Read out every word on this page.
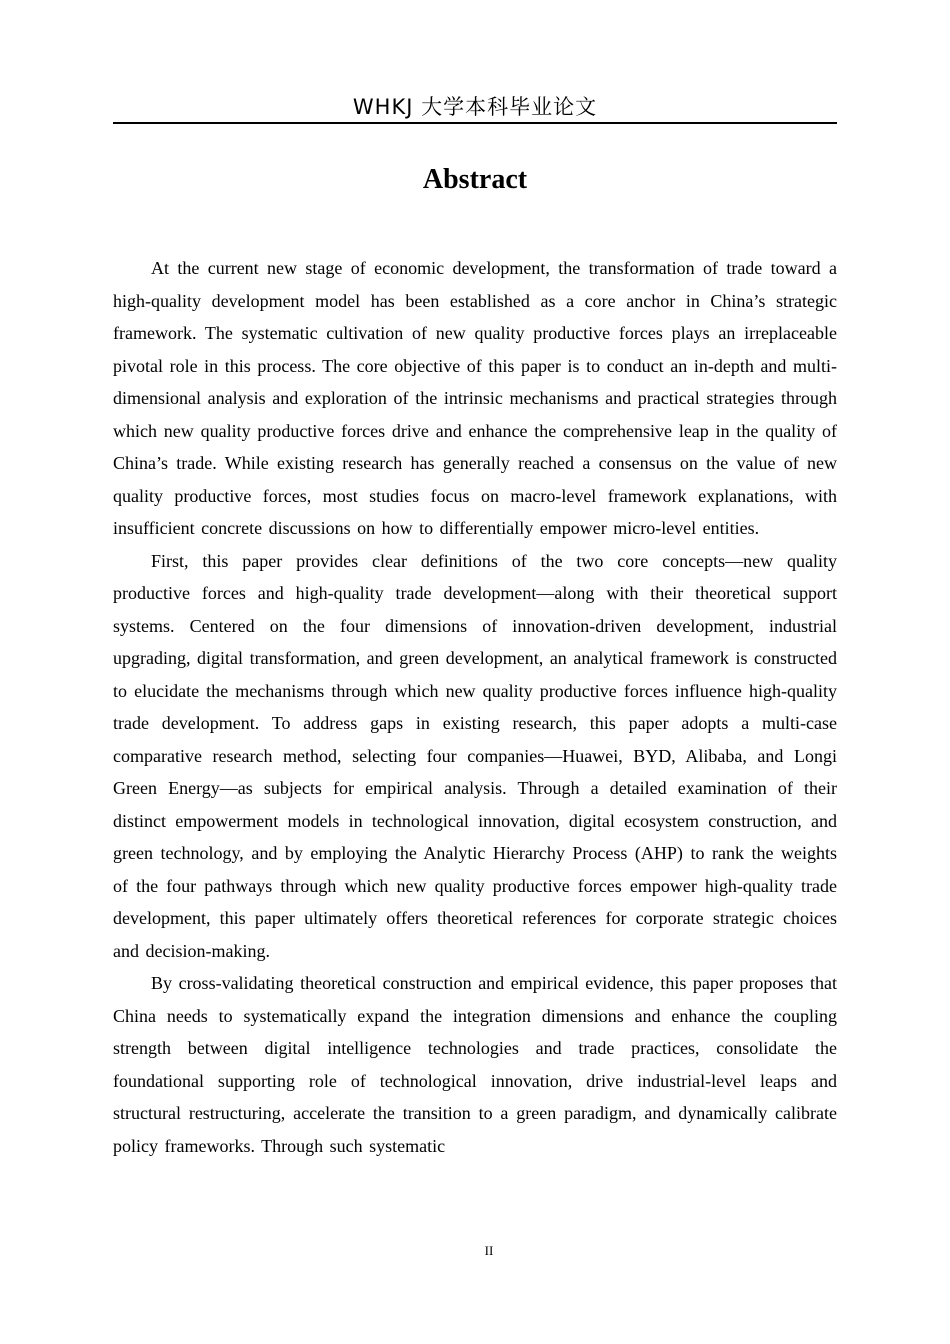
WHKJ 大学本科毕业论文
Abstract

At the current new stage of economic development, the transformation of trade toward a high-quality development model has been established as a core anchor in China’s strategic framework. The systematic cultivation of new quality productive forces plays an irreplaceable pivotal role in this process. The core objective of this paper is to conduct an in-depth and multi-dimensional analysis and exploration of the intrinsic mechanisms and practical strategies through which new quality productive forces drive and enhance the comprehensive leap in the quality of China’s trade. While existing research has generally reached a consensus on the value of new quality productive forces, most studies focus on macro-level framework explanations, with insufficient concrete discussions on how to differentially empower micro-level entities.

First, this paper provides clear definitions of the two core concepts—new quality productive forces and high-quality trade development—along with their theoretical support systems. Centered on the four dimensions of innovation-driven development, industrial upgrading, digital transformation, and green development, an analytical framework is constructed to elucidate the mechanisms through which new quality productive forces influence high-quality trade development. To address gaps in existing research, this paper adopts a multi-case comparative research method, selecting four companies—Huawei, BYD, Alibaba, and Longi Green Energy—as subjects for empirical analysis. Through a detailed examination of their distinct empowerment models in technological innovation, digital ecosystem construction, and green technology, and by employing the Analytic Hierarchy Process (AHP) to rank the weights of the four pathways through which new quality productive forces empower high-quality trade development, this paper ultimately offers theoretical references for corporate strategic choices and decision-making.

By cross-validating theoretical construction and empirical evidence, this paper proposes that China needs to systematically expand the integration dimensions and enhance the coupling strength between digital intelligence technologies and trade practices, consolidate the foundational supporting role of technological innovation, drive industrial-level leaps and structural restructuring, accelerate the transition to a green paradigm, and dynamically calibrate policy frameworks. Through such systematic

II
